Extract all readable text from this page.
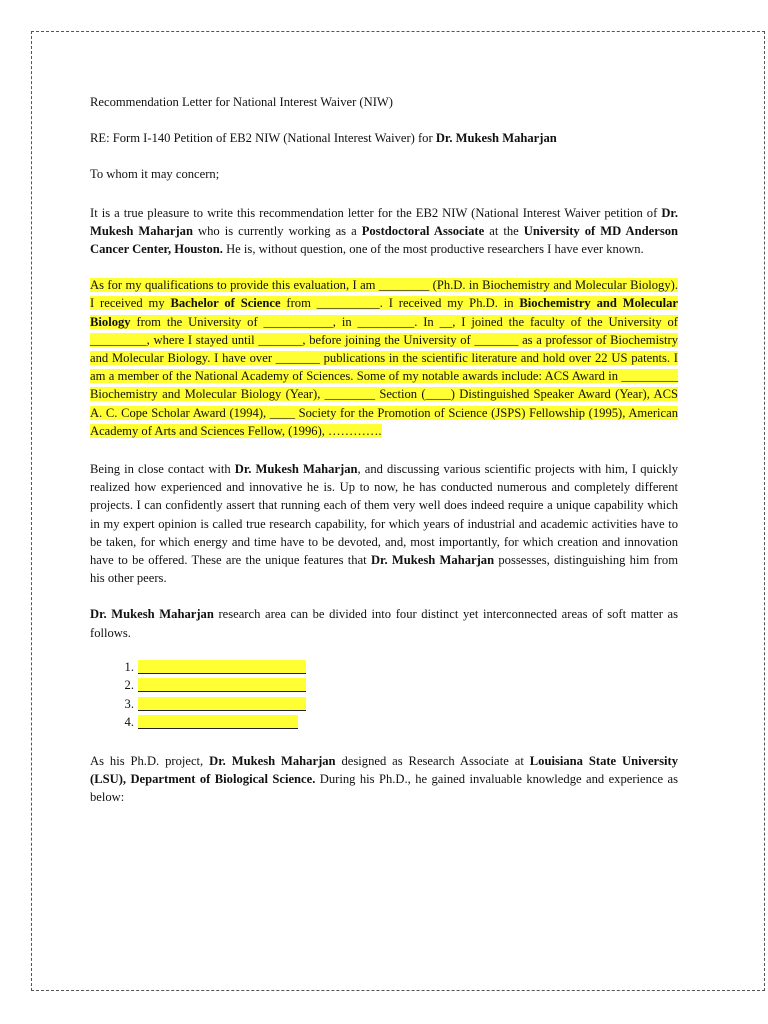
Recommendation Letter for National Interest Waiver (NIW)

RE: Form I-140 Petition of EB2 NIW (National Interest Waiver) for Dr. Mukesh Maharjan

To whom it may concern;

It is a true pleasure to write this recommendation letter for the EB2 NIW (National Interest Waiver petition of Dr. Mukesh Maharjan who is currently working as a Postdoctoral Associate at the University of MD Anderson Cancer Center, Houston. He is, without question, one of the most productive researchers I have ever known.

As for my qualifications to provide this evaluation, I am ________ (Ph.D. in Biochemistry and Molecular Biology). I received my Bachelor of Science from __________. I received my Ph.D. in Biochemistry and Molecular Biology from the University of ___________, in _________. In __, I joined the faculty of the University of _________, where I stayed until _______, before joining the University of _______ as a professor of Biochemistry and Molecular Biology. I have over _______ publications in the scientific literature and hold over 22 US patents. I am a member of the National Academy of Sciences. Some of my notable awards include: ACS Award in _________ Biochemistry and Molecular Biology (Year), ________ Section (____) Distinguished Speaker Award (Year), ACS A. C. Cope Scholar Award (1994), ____ Society for the Promotion of Science (JSPS) Fellowship (1995), American Academy of Arts and Sciences Fellow, (1996), ………….

Being in close contact with Dr. Mukesh Maharjan, and discussing various scientific projects with him, I quickly realized how experienced and innovative he is. Up to now, he has conducted numerous and completely different projects. I can confidently assert that running each of them very well does indeed require a unique capability which in my expert opinion is called true research capability, for which years of industrial and academic activities have to be taken, for which energy and time have to be devoted, and, most importantly, for which creation and innovation have to be offered. These are the unique features that Dr. Mukesh Maharjan possesses, distinguishing him from his other peers.

Dr. Mukesh Maharjan research area can be divided into four distinct yet interconnected areas of soft matter as follows.

1.
2.
3.
4.

As his Ph.D. project, Dr. Mukesh Maharjan designed as Research Associate at Louisiana State University (LSU), Department of Biological Science. During his Ph.D., he gained invaluable knowledge and experience as below:
